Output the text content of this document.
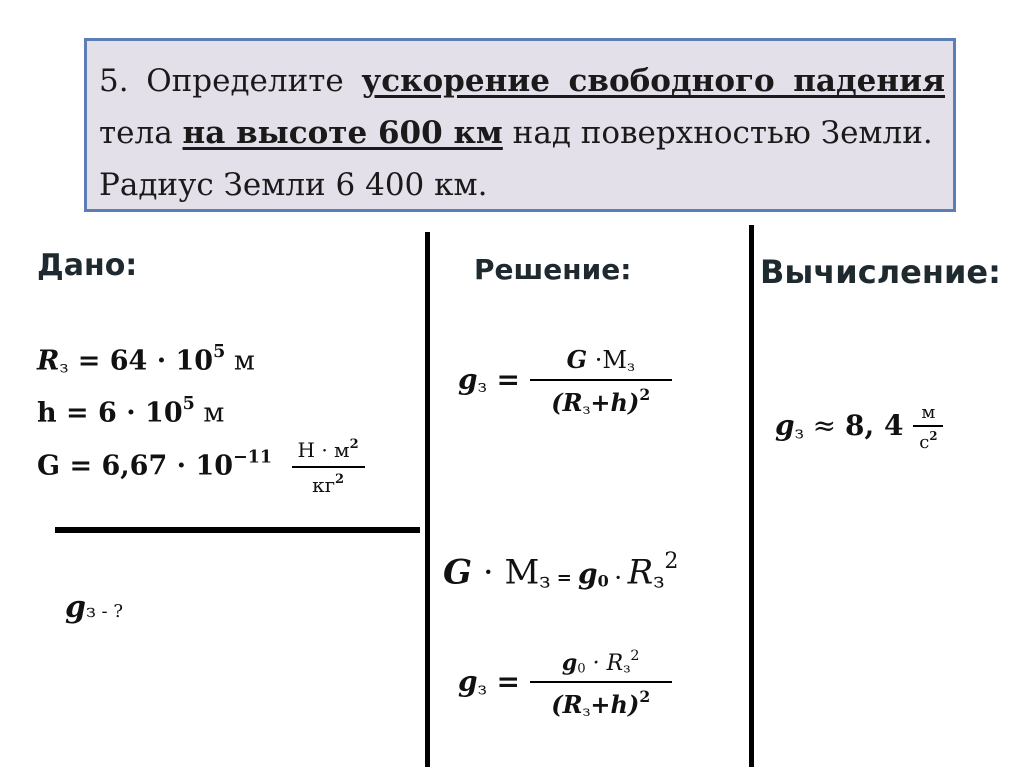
5. Определите ускорение свободного падения тела на высоте 600 км над поверхностью Земли.
Радиус Земли 6 400 км.
Дано:
$R_з = 64 \cdot 10^5$ м
$h = 6 \cdot 10^5$ м
$G = 6,67 \cdot 10^{-11} \frac{Н \cdot м^2}{кг^2}$
gз - ?
Решение:
gз = $\frac{G \cdot Мз}{(Rз+h)^2}$
$G \cdot М_з = g_0 \cdot R_з^2$
gз = $\frac{g_0 \cdot R_з^2}{(Rз+h)^2}$
Вычисление:
gз ≈ 8, $4 \frac{м}{с^2}$
